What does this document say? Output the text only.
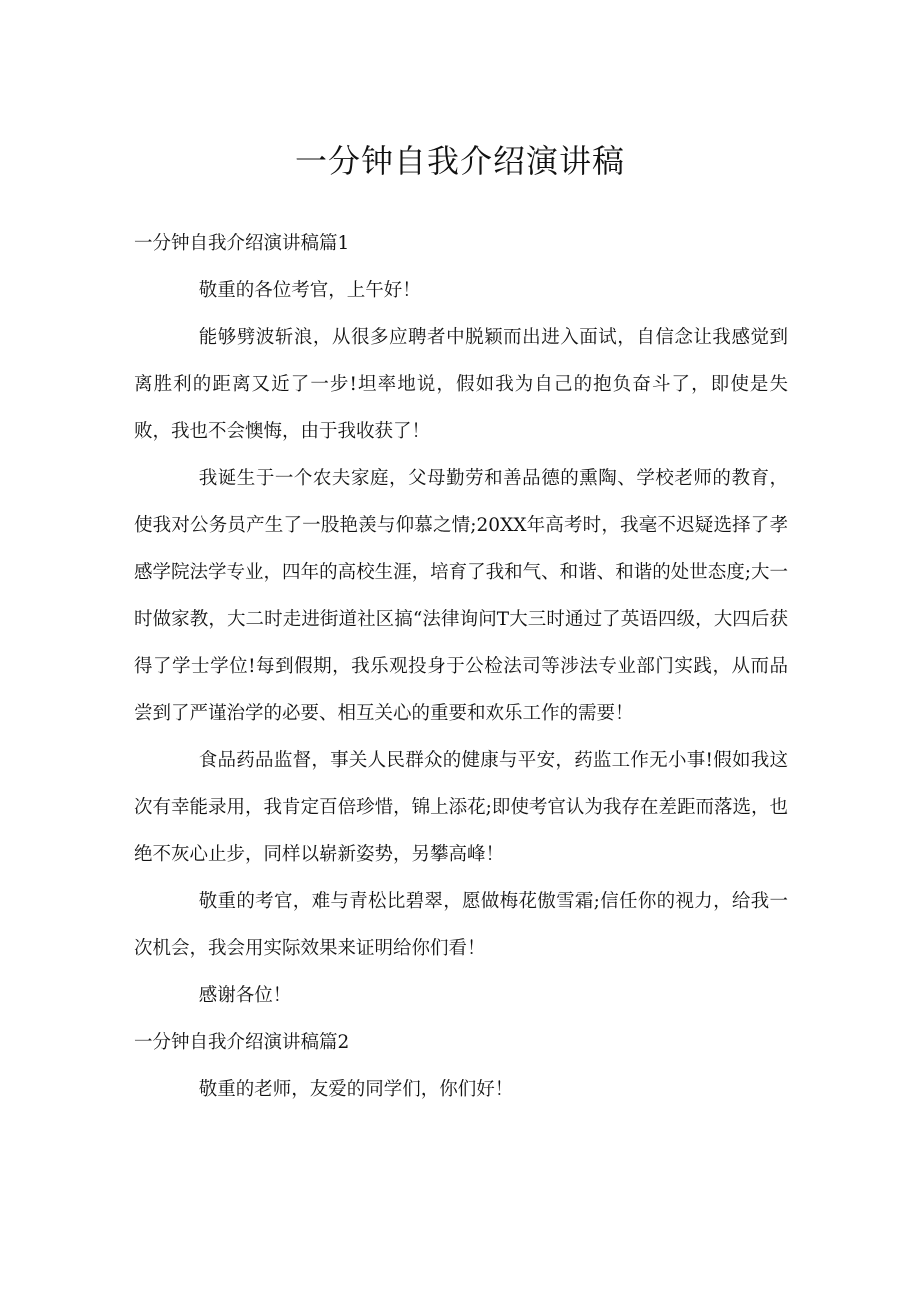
一分钟自我介绍演讲稿

一分钟自我介绍演讲稿篇1

敬重的各位考官，上午好！

能够劈波斩浪，从很多应聘者中脱颖而出进入面试，自信念让我感觉到离胜利的距离又近了一步!坦率地说，假如我为自己的抱负奋斗了，即使是失败，我也不会懊悔，由于我收获了！

我诞生于一个农夫家庭，父母勤劳和善品德的熏陶、学校老师的教育，使我对公务员产生了一股艳羡与仰慕之情;20XX年高考时，我毫不迟疑选择了孝感学院法学专业，四年的高校生涯，培育了我和气、和谐、和谐的处世态度;大一时做家教，大二时走进街道社区搞“法律询问T大三时通过了英语四级，大四后获得了学士学位!每到假期，我乐观投身于公检法司等涉法专业部门实践，从而品尝到了严谨治学的必要、相互关心的重要和欢乐工作的需要！

食品药品监督，事关人民群众的健康与平安，药监工作无小事!假如我这次有幸能录用，我肯定百倍珍惜，锦上添花;即使考官认为我存在差距而落选，也绝不灰心止步，同样以崭新姿势，另攀高峰！

敬重的考官，难与青松比碧翠，愿做梅花傲雪霜;信任你的视力，给我一次机会，我会用实际效果来证明给你们看！

感谢各位！

一分钟自我介绍演讲稿篇2

敬重的老师，友爱的同学们，你们好！
